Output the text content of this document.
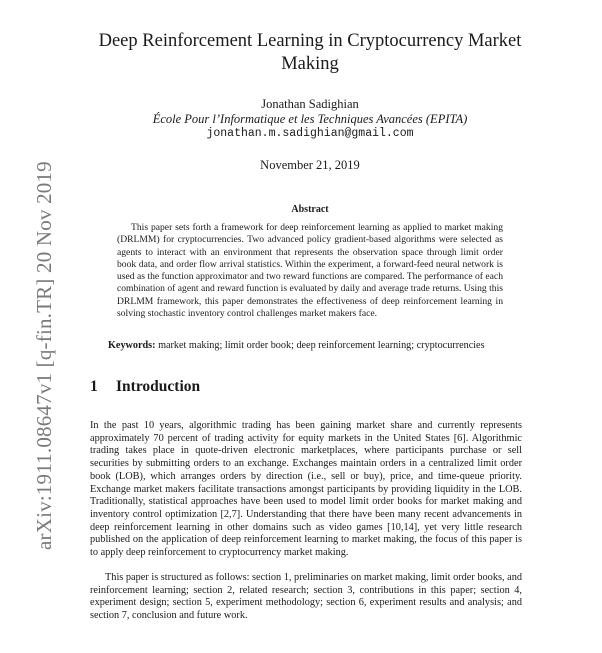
arXiv:1911.08647v1 [q-fin.TR] 20 Nov 2019
Deep Reinforcement Learning in Cryptocurrency Market Making
Jonathan Sadighian
École Pour l’Informatique et les Techniques Avancées (EPITA)
jonathan.m.sadighian@gmail.com
November 21, 2019
Abstract
This paper sets forth a framework for deep reinforcement learning as applied to market making (DRLMM) for cryptocurrencies. Two advanced policy gradient-based algorithms were selected as agents to interact with an environment that represents the observation space through limit order book data, and order flow arrival statistics. Within the experiment, a forward-feed neural network is used as the function approximator and two reward functions are compared. The performance of each combination of agent and reward function is evaluated by daily and average trade returns. Using this DRLMM framework, this paper demonstrates the effectiveness of deep reinforcement learning in solving stochastic inventory control challenges market makers face.
Keywords: market making; limit order book; deep reinforcement learning; cryptocurrencies
1 Introduction
In the past 10 years, algorithmic trading has been gaining market share and currently represents approximately 70 percent of trading activity for equity markets in the United States [6]. Algorithmic trading takes place in quote-driven electronic marketplaces, where participants purchase or sell securities by submitting orders to an exchange. Exchanges maintain orders in a centralized limit order book (LOB), which arranges orders by direction (i.e., sell or buy), price, and time-queue priority. Exchange market makers facilitate transactions amongst participants by providing liquidity in the LOB. Traditionally, statistical approaches have been used to model limit order books for market making and inventory control optimization [2,7]. Understanding that there have been many recent advancements in deep reinforcement learning in other domains such as video games [10,14], yet very little research published on the application of deep reinforcement learning to market making, the focus of this paper is to apply deep reinforcement to cryptocurrency market making.
This paper is structured as follows: section 1, preliminaries on market making, limit order books, and reinforcement learning; section 2, related research; section 3, contributions in this paper; section 4, experiment design; section 5, experiment methodology; section 6, experiment results and analysis; and section 7, conclusion and future work.
